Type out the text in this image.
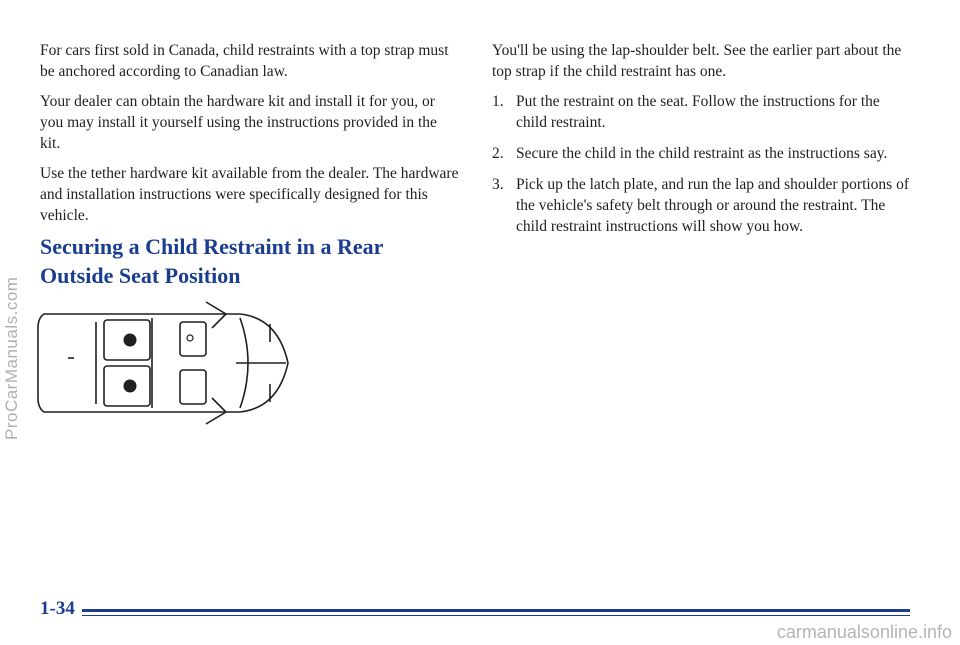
For cars first sold in Canada, child restraints with a top strap must be anchored according to Canadian law.

Your dealer can obtain the hardware kit and install it for you, or you may install it yourself using the instructions provided in the kit.

Use the tether hardware kit available from the dealer. The hardware and installation instructions were specifically designed for this vehicle.

Securing a Child Restraint in a Rear Outside Seat Position

You'll be using the lap-shoulder belt. See the earlier part about the top strap if the child restraint has one.

1. Put the restraint on the seat. Follow the instructions for the child restraint.
2. Secure the child in the child restraint as the instructions say.
3. Pick up the latch plate, and run the lap and shoulder portions of the vehicle's safety belt through or around the restraint. The child restraint instructions will show you how.
ProCarManuals.com

1-34

carmanualsonline.info
